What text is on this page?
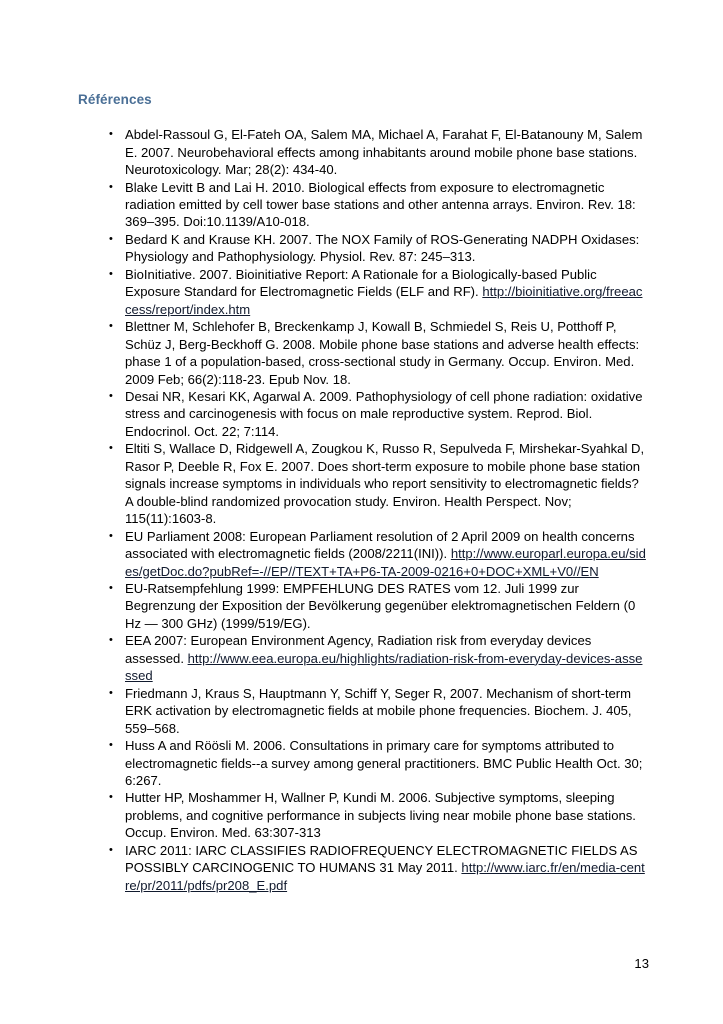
Références
• Abdel-Rassoul G, El-Fateh OA, Salem MA, Michael A, Farahat F, El-Batanouny M, Salem E. 2007. Neurobehavioral effects among inhabitants around mobile phone base stations. Neurotoxicology. Mar; 28(2): 434-40.
• Blake Levitt B and Lai H. 2010. Biological effects from exposure to electromagnetic radiation emitted by cell tower base stations and other antenna arrays. Environ. Rev. 18: 369–395. Doi:10.1139/A10-018.
• Bedard K and Krause KH. 2007. The NOX Family of ROS-Generating NADPH Oxidases: Physiology and Pathophysiology. Physiol. Rev. 87: 245–313.
• BioInitiative. 2007. Bioinitiative Report: A Rationale for a Biologically-based Public Exposure Standard for Electromagnetic Fields (ELF and RF). http://bioinitiative.org/freeaccess/report/index.htm
• Blettner M, Schlehofer B, Breckenkamp J, Kowall B, Schmiedel S, Reis U, Potthoff P, Schüz J, Berg-Beckhoff G. 2008. Mobile phone base stations and adverse health effects: phase 1 of a population-based, cross-sectional study in Germany. Occup. Environ. Med. 2009 Feb; 66(2):118-23. Epub Nov. 18.
• Desai NR, Kesari KK, Agarwal A. 2009. Pathophysiology of cell phone radiation: oxidative stress and carcinogenesis with focus on male reproductive system. Reprod. Biol. Endocrinol. Oct. 22; 7:114.
• Eltiti S, Wallace D, Ridgewell A, Zougkou K, Russo R, Sepulveda F, Mirshekar-Syahkal D, Rasor P, Deeble R, Fox E. 2007. Does short-term exposure to mobile phone base station signals increase symptoms in individuals who report sensitivity to electromagnetic fields? A double-blind randomized provocation study. Environ. Health Perspect. Nov; 115(11):1603-8.
• EU Parliament 2008: European Parliament resolution of 2 April 2009 on health concerns associated with electromagnetic fields (2008/2211(INI)). http://www.europarl.europa.eu/sides/getDoc.do?pubRef=-//EP//TEXT+TA+P6-TA-2009-0216+0+DOC+XML+V0//EN
• EU-Ratsempfehlung 1999: EMPFEHLUNG DES RATES vom 12. Juli 1999 zur Begrenzung der Exposition der Bevölkerung gegenüber elektromagnetischen Feldern (0 Hz — 300 GHz) (1999/519/EG).
• EEA 2007: European Environment Agency, Radiation risk from everyday devices assessed. http://www.eea.europa.eu/highlights/radiation-risk-from-everyday-devices-assessed
• Friedmann J, Kraus S, Hauptmann Y, Schiff Y, Seger R, 2007. Mechanism of short-term ERK activation by electromagnetic fields at mobile phone frequencies. Biochem. J. 405, 559–568.
• Huss A and Röösli M. 2006. Consultations in primary care for symptoms attributed to electromagnetic fields--a survey among general practitioners. BMC Public Health Oct. 30; 6:267.
• Hutter HP, Moshammer H, Wallner P, Kundi M. 2006. Subjective symptoms, sleeping problems, and cognitive performance in subjects living near mobile phone base stations. Occup. Environ. Med. 63:307-313
• IARC 2011: IARC CLASSIFIES RADIOFREQUENCY ELECTROMAGNETIC FIELDS AS POSSIBLY CARCINOGENIC TO HUMANS 31 May 2011. http://www.iarc.fr/en/media-centre/pr/2011/pdfs/pr208_E.pdf
13
